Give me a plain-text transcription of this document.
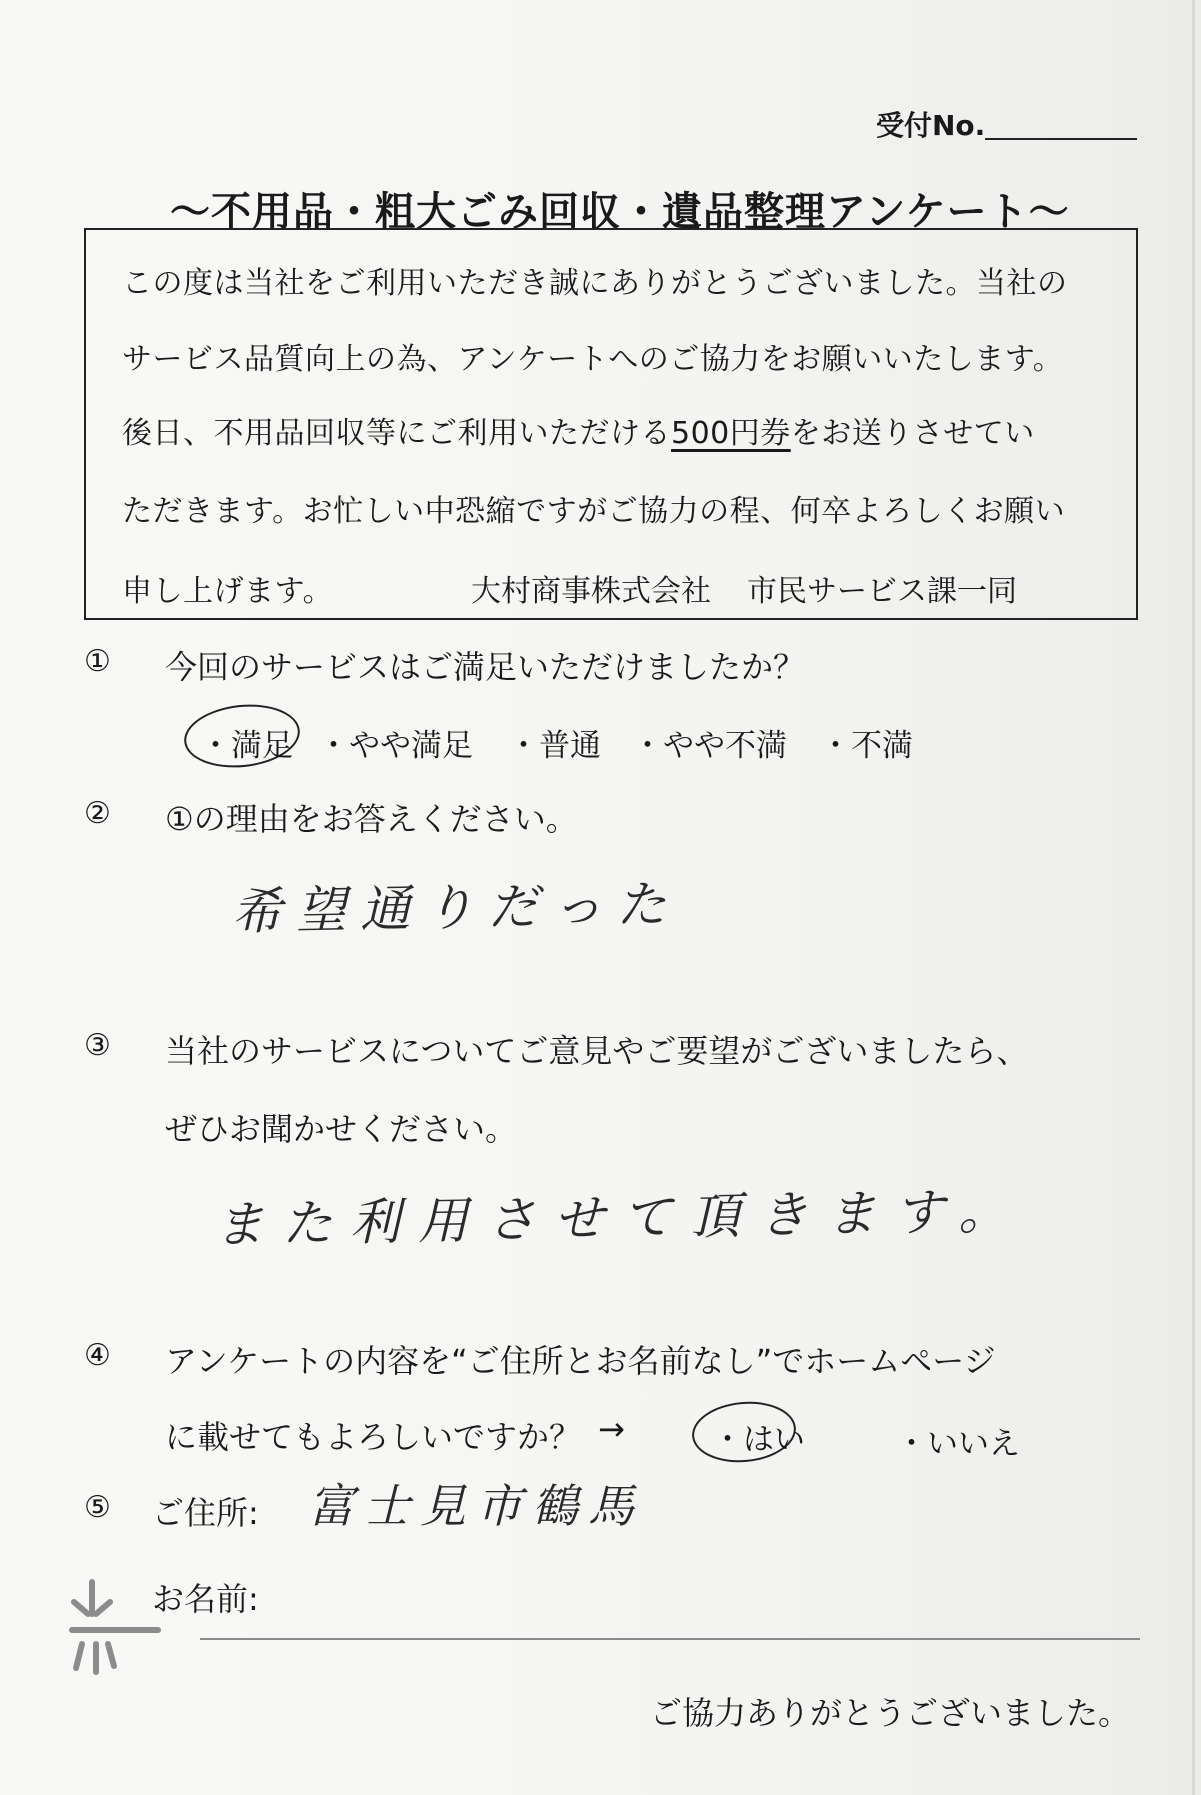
受付No.
〜不用品・粗大ごみ回収・遺品整理アンケート〜
この度は当社をご利用いただき誠にありがとうございました。当社の
サービス品質向上の為、アンケートへのご協力をお願いいたします。
後日、不用品回収等にご利用いただける500円券をお送りさせてい
ただきます。お忙しい中恐縮ですがご協力の程、何卒よろしくお願い
申し上げます。	大村商事株式会社 市民サービス課一同
① 今回のサービスはご満足いただけましたか？
・満足 ・やや満足 ・普通 ・やや不満 ・不満
② ①の理由をお答えください。
希望通りだった
③ 当社のサービスについてご意見やご要望がございましたら、
ぜひお聞かせください。
また利用させて頂きます。
④ アンケートの内容を“ご住所とお名前なし”でホームページ
に載せてもよろしいですか？ →	・はい	・いいえ
⑤ ご住所: 富士見市鶴馬
お名前:
ご協力ありがとうございました。
